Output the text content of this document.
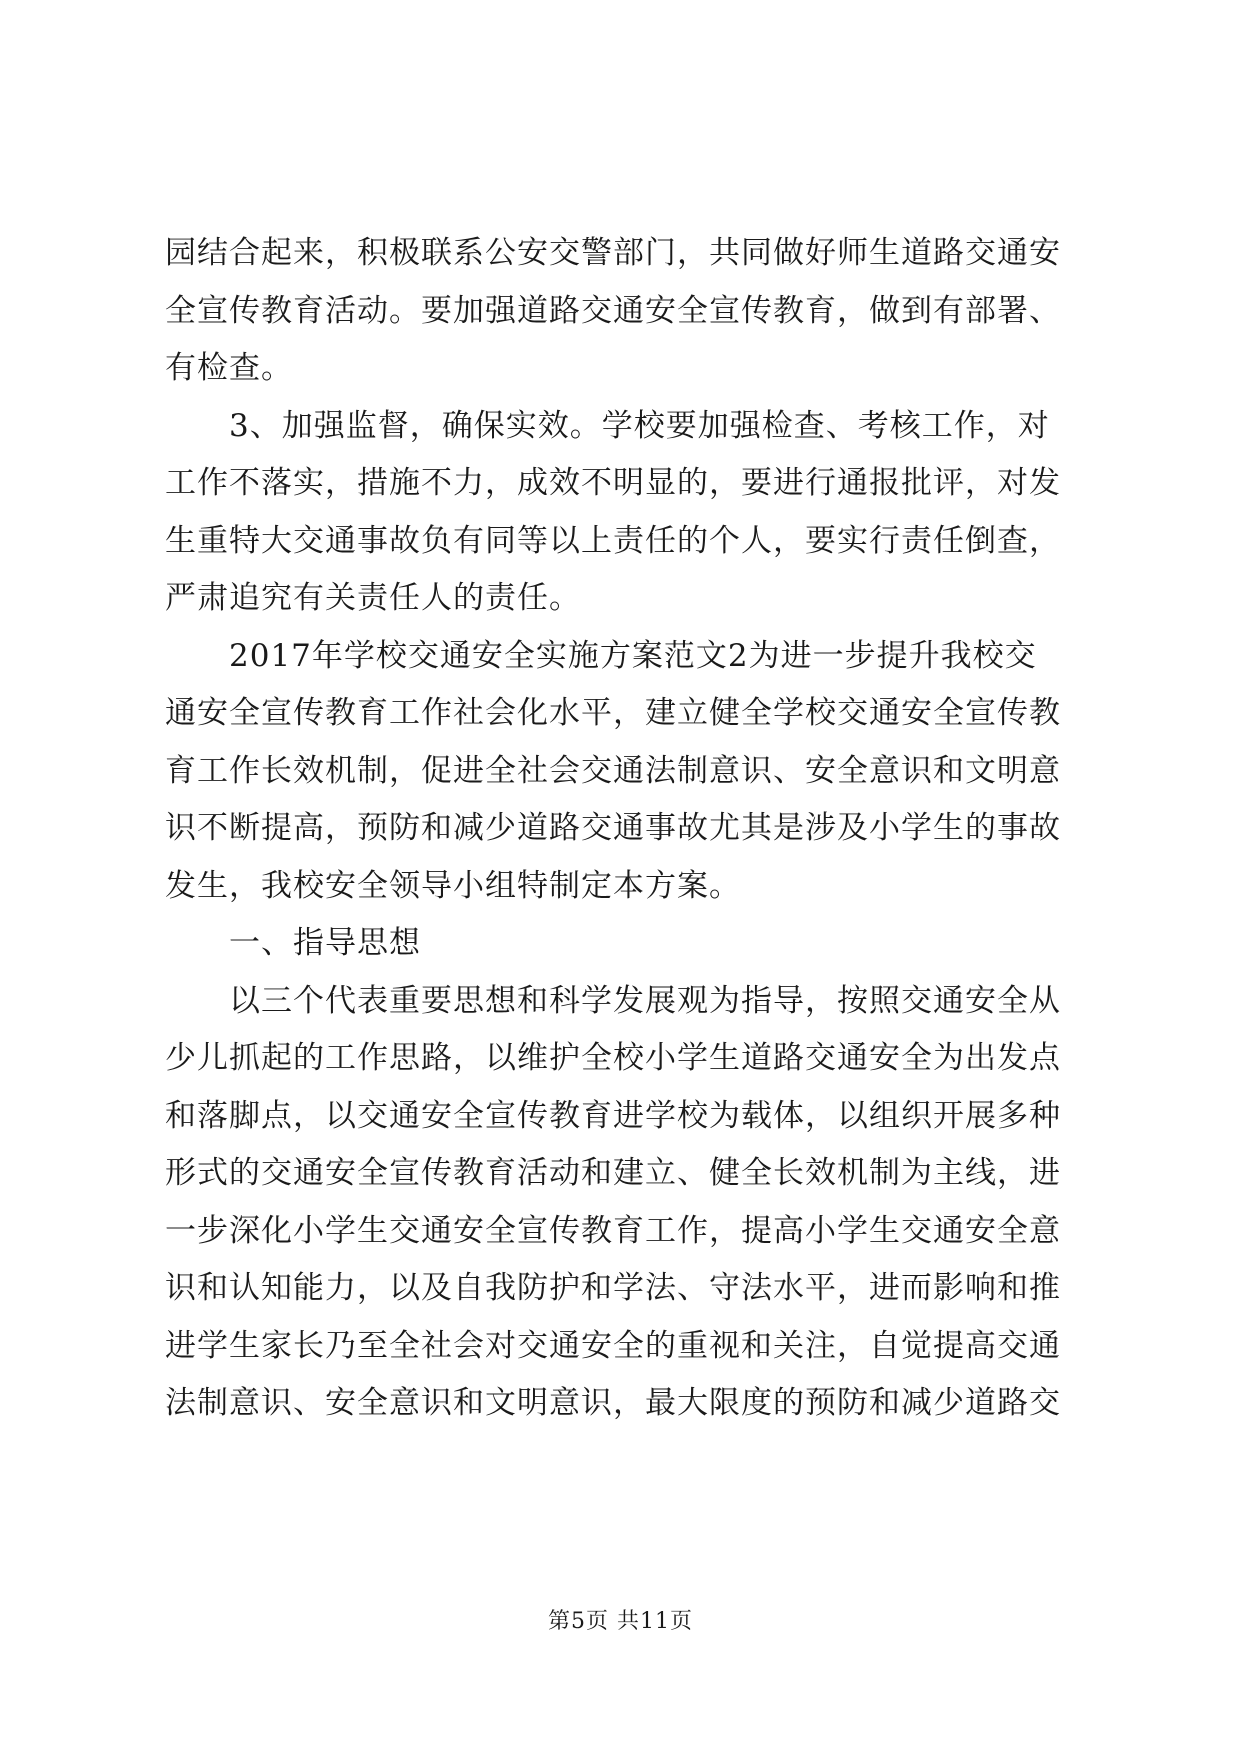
园结合起来，积极联系公安交警部门，共同做好师生道路交通安
全宣传教育活动。要加强道路交通安全宣传教育，做到有部署、
有检查。

3、加强监督，确保实效。学校要加强检查、考核工作，对
工作不落实，措施不力，成效不明显的，要进行通报批评，对发
生重特大交通事故负有同等以上责任的个人，要实行责任倒查，
严肃追究有关责任人的责任。

2017年学校交通安全实施方案范文2为进一步提升我校交
通安全宣传教育工作社会化水平，建立健全学校交通安全宣传教
育工作长效机制，促进全社会交通法制意识、安全意识和文明意
识不断提高，预防和减少道路交通事故尤其是涉及小学生的事故
发生，我校安全领导小组特制定本方案。

一、指导思想

以三个代表重要思想和科学发展观为指导，按照交通安全从
少儿抓起的工作思路，以维护全校小学生道路交通安全为出发点
和落脚点，以交通安全宣传教育进学校为载体，以组织开展多种
形式的交通安全宣传教育活动和建立、健全长效机制为主线，进
一步深化小学生交通安全宣传教育工作，提高小学生交通安全意
识和认知能力，以及自我防护和学法、守法水平，进而影响和推
进学生家长乃至全社会对交通安全的重视和关注，自觉提高交通
法制意识、安全意识和文明意识，最大限度的预防和减少道路交

第5页 共11页
